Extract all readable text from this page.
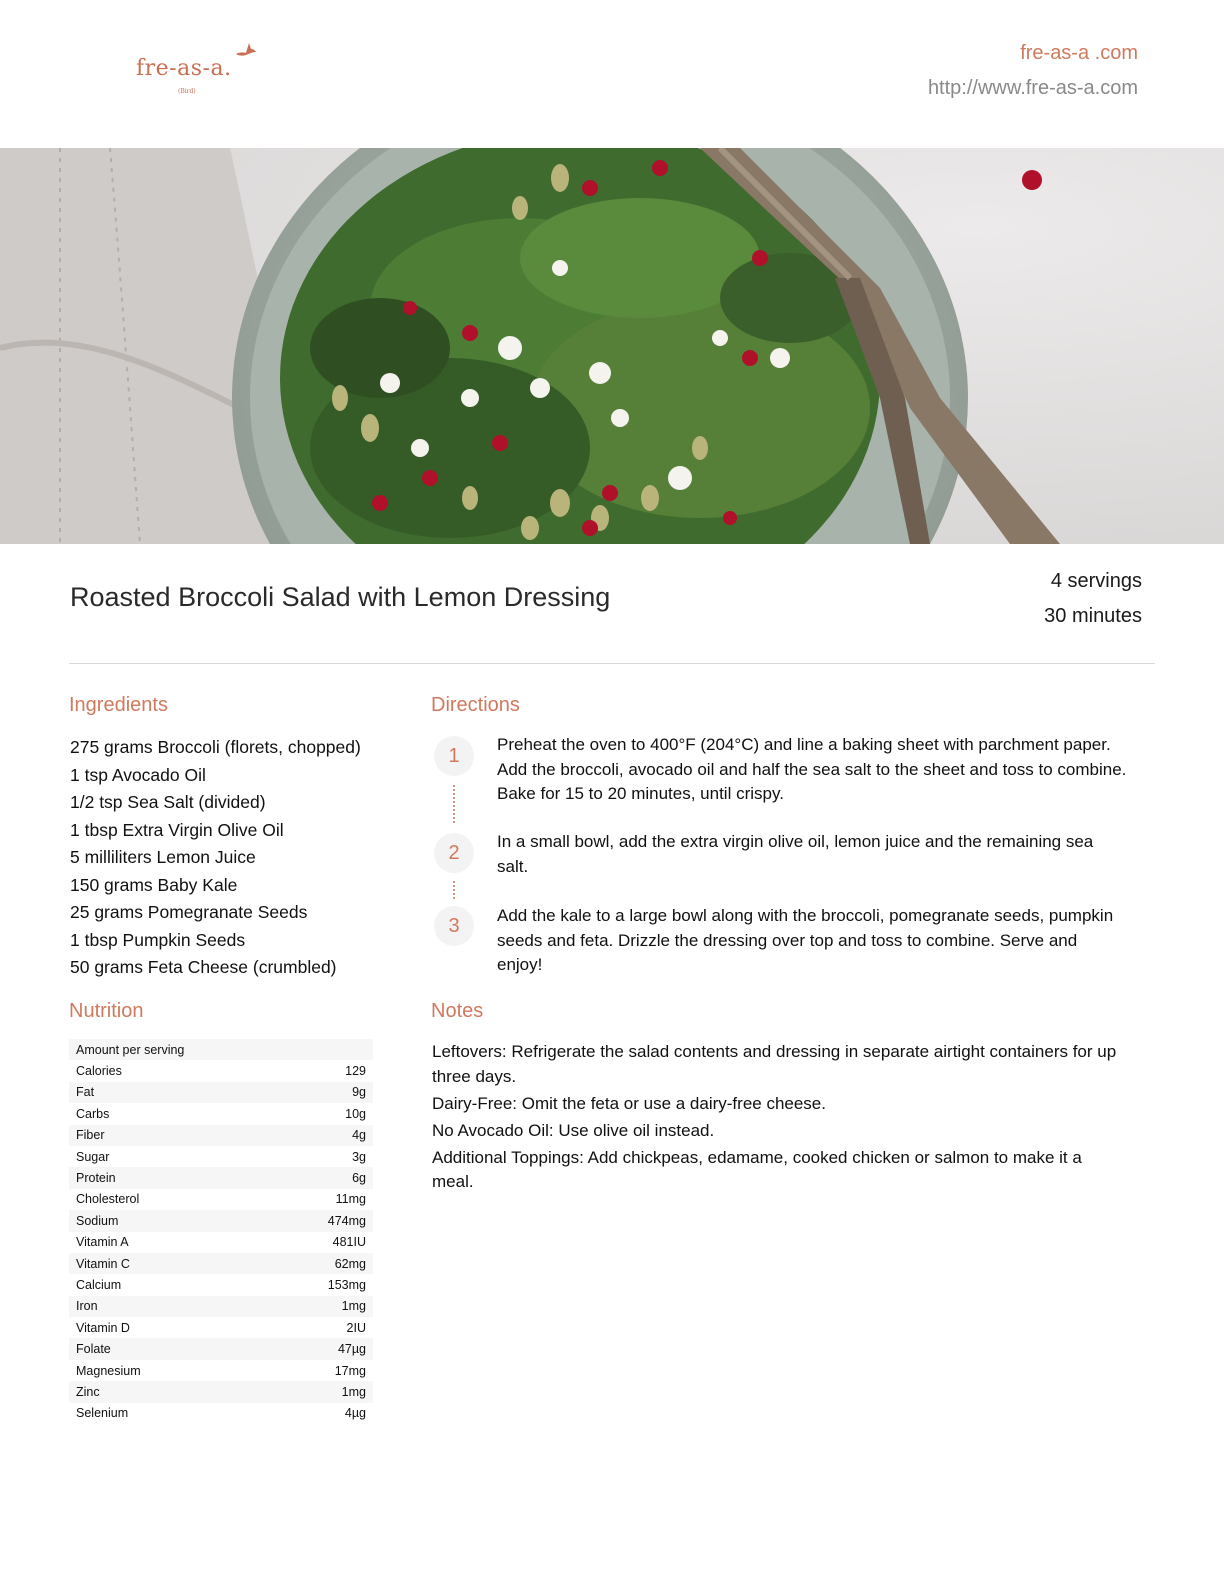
fre-as-a.
(Bird)
fre-as-a .com
http://www.fre-as-a.com
Roasted Broccoli Salad with Lemon Dressing
4 servings
30 minutes
Ingredients
275 grams Broccoli (florets, chopped)
1 tsp Avocado Oil
1/2 tsp Sea Salt (divided)
1 tbsp Extra Virgin Olive Oil
5 milliliters Lemon Juice
150 grams Baby Kale
25 grams Pomegranate Seeds
1 tbsp Pumpkin Seeds
50 grams Feta Cheese (crumbled)
Directions
1

Preheat the oven to 400°F (204°C) and line a baking sheet with parchment paper. Add the broccoli, avocado oil and half the sea salt to the sheet and toss to combine. Bake for 15 to 20 minutes, until crispy.

2

In a small bowl, add the extra virgin olive oil, lemon juice and the remaining sea salt.

3	Add the kale to a large bowl along with the broccoli, pomegranate seeds, pumpkin seeds and feta. Drizzle the dressing over top and toss to combine. Serve and enjoy!

Nutrition
Amount per serving	
Calories	129
Fat	9g
Carbs	10g
Fiber	4g
Sugar	3g
Protein	6g
Cholesterol	11mg
Sodium	474mg
Vitamin A	481IU
Vitamin C	62mg
Calcium	153mg
Iron	1mg
Vitamin D	2IU
Folate	47µg
Magnesium	17mg
Zinc	1mg
Selenium	4µg
Notes

Leftovers: Refrigerate the salad contents and dressing in separate airtight containers for up three days.

Dairy-Free: Omit the feta or use a dairy-free cheese.

No Avocado Oil: Use olive oil instead.

Additional Toppings: Add chickpeas, edamame, cooked chicken or salmon to make it a meal.
